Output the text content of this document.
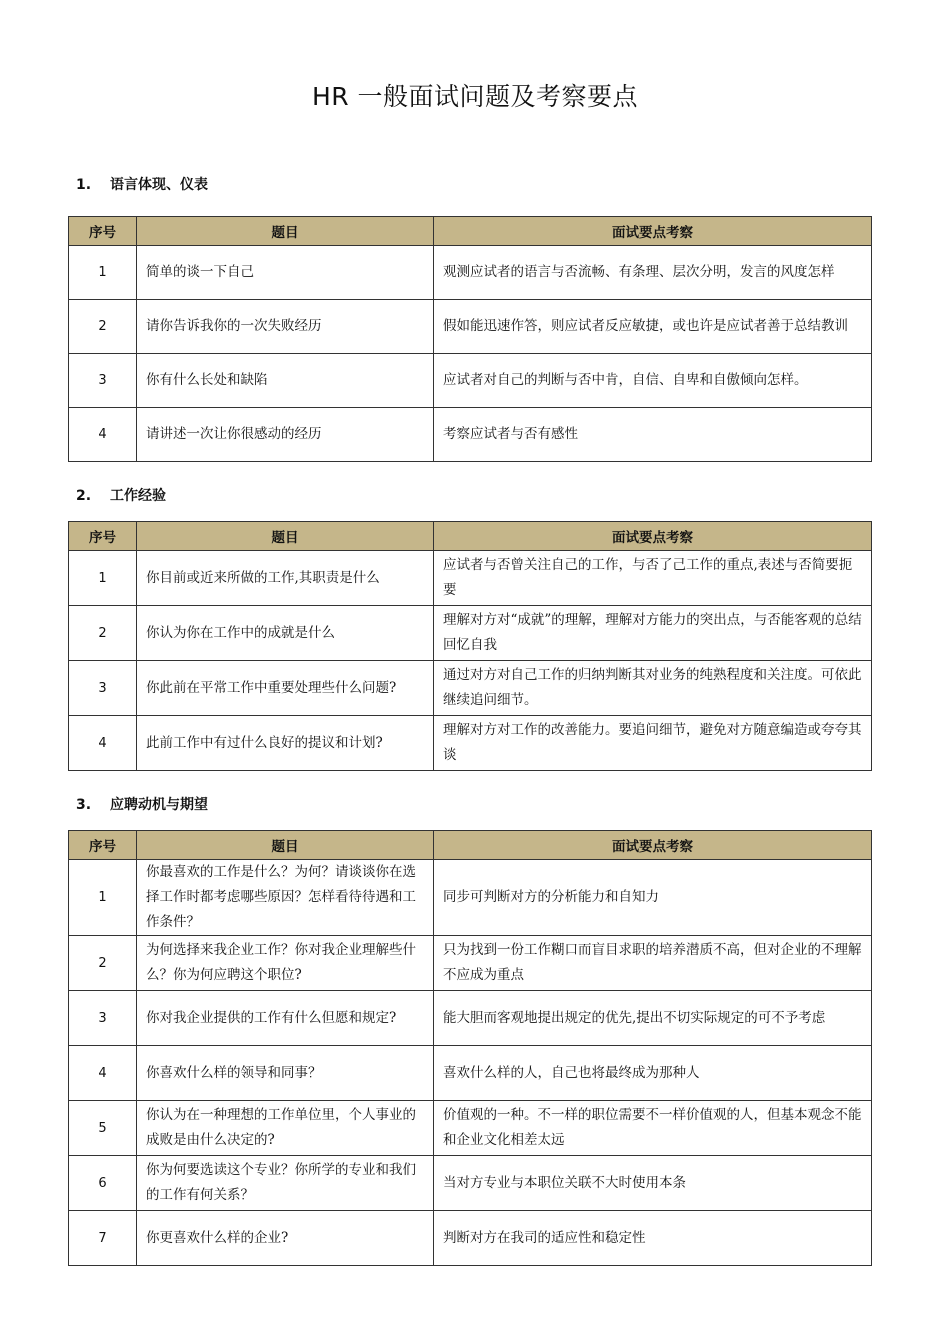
HR 一般面试问题及考察要点
1. 语言体现、仪表
序号	题目	面试要点考察
1	简单的谈一下自己	观测应试者的语言与否流畅、有条理、层次分明，发言的风度怎样
2	请你告诉我你的一次失败经历	假如能迅速作答，则应试者反应敏捷，或也许是应试者善于总结教训
3	你有什么长处和缺陷	应试者对自己的判断与否中肯，自信、自卑和自傲倾向怎样。
4	请讲述一次让你很感动的经历	考察应试者与否有感性
2. 工作经验
序号	题目	面试要点考察
1	你目前或近来所做的工作,其职责是什么	应试者与否曾关注自己的工作，与否了己工作的重点,表述与否简要扼要
2	你认为你在工作中的成就是什么	理解对方对“成就”的理解，理解对方能力的突出点，与否能客观的总结回忆自我
3	你此前在平常工作中重要处理些什么问题?	通过对方对自己工作的归纳判断其对业务的纯熟程度和关注度。可依此继续追问细节。
4	此前工作中有过什么良好的提议和计划?	理解对方对工作的改善能力。要追问细节，避免对方随意编造或夸夸其谈
3. 应聘动机与期望
序号	题目	面试要点考察
1	你最喜欢的工作是什么？为何？请谈谈你在选择工作时都考虑哪些原因？怎样看待待遇和工作条件？	同步可判断对方的分析能力和自知力
2	为何选择来我企业工作？你对我企业理解些什么？你为何应聘这个职位?	只为找到一份工作糊口而盲目求职的培养潜质不高，但对企业的不理解不应成为重点
3	你对我企业提供的工作有什么但愿和规定?	能大胆而客观地提出规定的优先,提出不切实际规定的可不予考虑
4	你喜欢什么样的领导和同事？	喜欢什么样的人，自己也将最终成为那种人
5	你认为在一种理想的工作单位里，个人事业的成败是由什么决定的?	价值观的一种。不一样的职位需要不一样价值观的人，但基本观念不能和企业文化相差太远
6	你为何要选读这个专业？你所学的专业和我们的工作有何关系？	当对方专业与本职位关联不大时使用本条
7	你更喜欢什么样的企业?	判断对方在我司的适应性和稳定性
